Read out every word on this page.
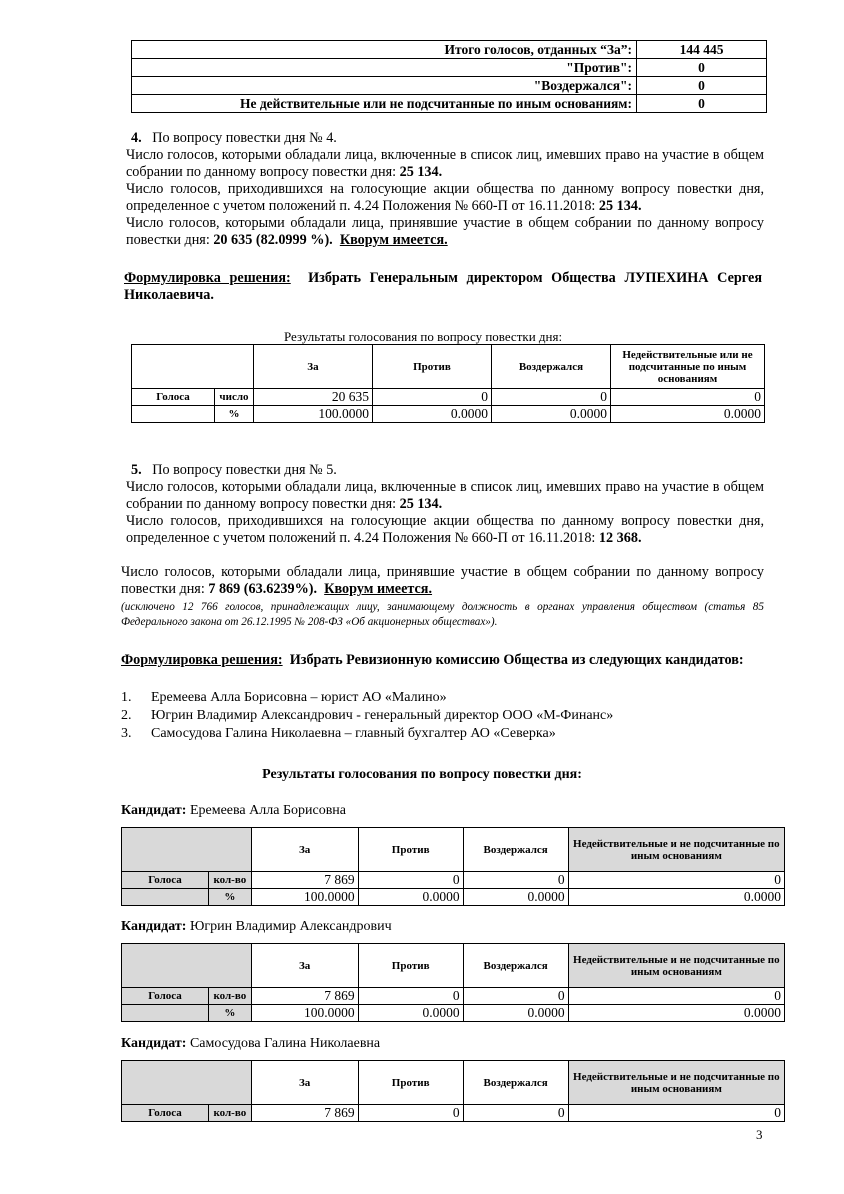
Итого голосов, отданных “За”:	144 445
"Против":	0
"Воздержался":	0
Не действительные или не подсчитанные по иным основаниям:	0

4. По вопросу повестки дня № 4.

Число голосов, которыми обладали лица, включенные в список лиц, имевших право на участие в общем собрании по данному вопросу повестки дня: 25 134.

Число голосов, приходившихся на голосующие акции общества по данному вопросу повестки дня, определенное с учетом положений п. 4.24 Положения № 660-П от 16.11.2018: 25 134.

Число голосов, которыми обладали лица, принявшие участие в общем собрании по данному вопросу повестки дня: 20 635 (82.0999 %). Кворум имеется.

Формулировка решения: Избрать Генеральным директором Общества ЛУПЕХИНА Сергея Николаевича.

Результаты голосования по вопросу повестки дня:
		За	Против	Воздержался	Недействительные или не подсчитанные по иным основаниям
Голоса	число	20 635	0	0	0
	%	100.0000	0.0000	0.0000	0.0000

5. По вопросу повестки дня № 5.

Число голосов, которыми обладали лица, включенные в список лиц, имевших право на участие в общем собрании по данному вопросу повестки дня: 25 134.

Число голосов, приходившихся на голосующие акции общества по данному вопросу повестки дня, определенное с учетом положений п. 4.24 Положения № 660-П от 16.11.2018: 12 368.

Число голосов, которыми обладали лица, принявшие участие в общем собрании по данному вопросу повестки дня: 7 869 (63.6239%). Кворум имеется.

(исключено 12 766 голосов, принадлежащих лицу, занимающему должность в органах управления обществом (статья 85 Федерального закона от 26.12.1995 № 208-ФЗ «Об акционерных обществах»).

Формулировка решения: Избрать Ревизионную комиссию Общества из следующих кандидатов:

1. Еремеева Алла Борисовна – юрист АО «Малино»
2. Югрин Владимир Александрович - генеральный директор ООО «М-Финанс»
3. Самосудова Галина Николаевна – главный бухгалтер АО «Северка»
Результаты голосования по вопросу повестки дня:
Кандидат: Еремеева Алла Борисовна
		За	Против	Воздержался	Недействительные и не подсчитанные по иным основаниям
Голоса	кол-во	7 869	0	0	0
	%	100.0000	0.0000	0.0000	0.0000
Кандидат: Югрин Владимир Александрович
		За	Против	Воздержался	Недействительные и не подсчитанные по иным основаниям
Голоса	кол-во	7 869	0	0	0
	%	100.0000	0.0000	0.0000	0.0000
Кандидат: Самосудова Галина Николаевна
		За	Против	Воздержался	Недействительные и не подсчитанные по иным основаниям
Голоса	кол-во	7 869	0	0	0
3
